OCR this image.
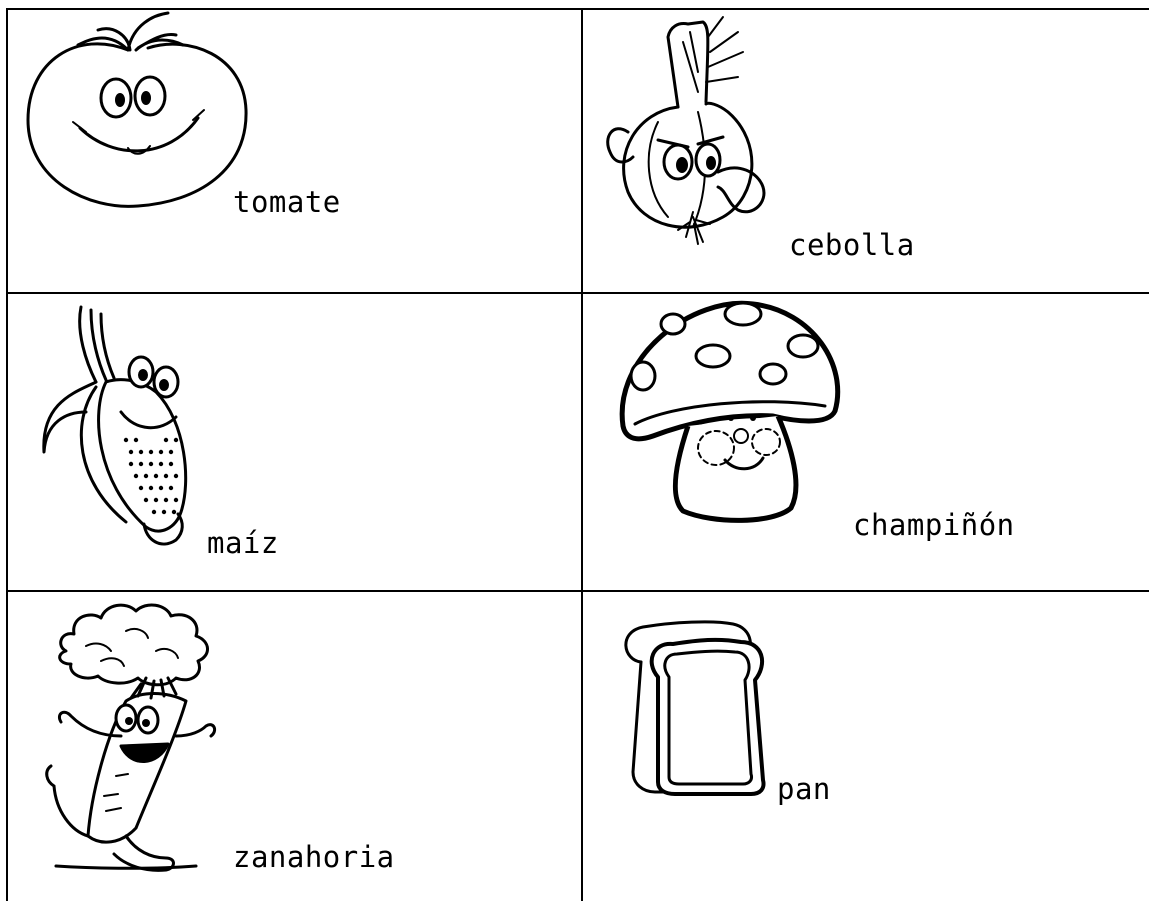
tomate
cebolla
maíz
champiñón
zanahoria
pan
